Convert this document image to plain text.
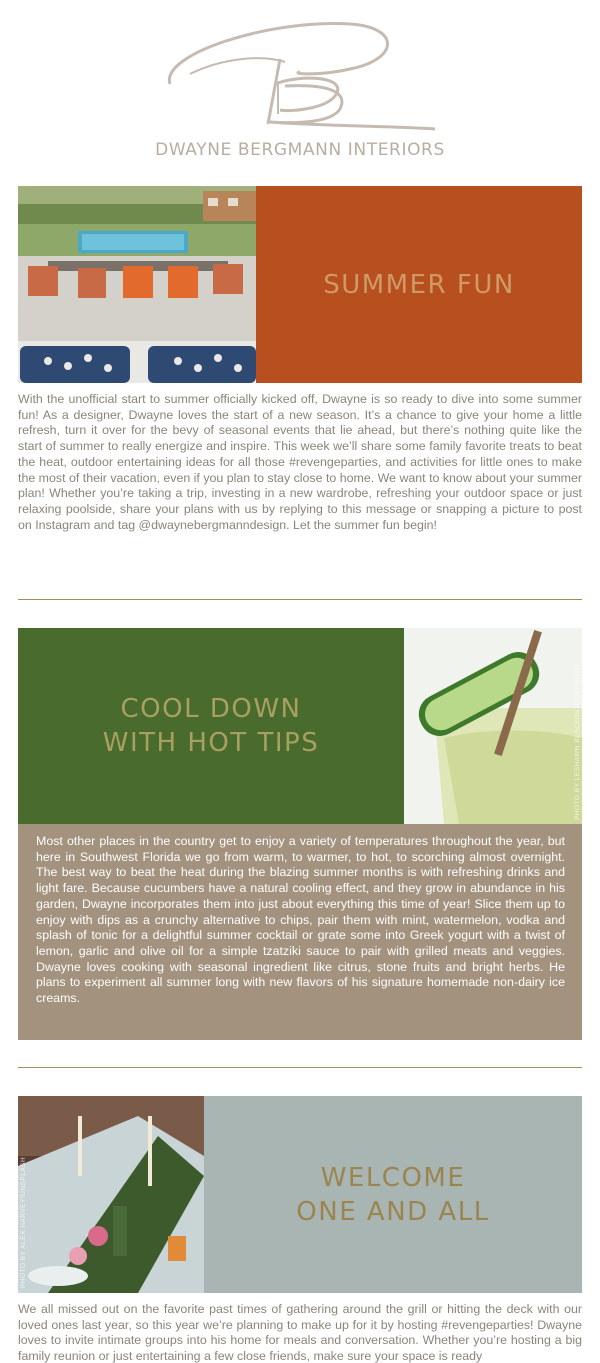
DWAYNE BERGMANN INTERIORS
SUMMER FUN
With the unofficial start to summer officially kicked off, Dwayne is so ready to dive into some summer fun! As a designer, Dwayne loves the start of a new season. It’s a chance to give your home a little refresh, turn it over for the bevy of seasonal events that lie ahead, but there’s nothing quite like the start of summer to really energize and inspire. This week we’ll share some family favorite treats to beat the heat, outdoor entertaining ideas for all those #revengeparties, and activities for little ones to make the most of their vacation, even if you plan to stay close to home. We want to know about your summer plan! Whether you’re taking a trip, investing in a new wardrobe, refreshing your outdoor space or just relaxing poolside, share your plans with us by replying to this message or snapping a picture to post on Instagram and tag @dwaynebergmanndesign. Let the summer fun begin!
COOL DOWN
WITH HOT TIPS	PHOTO BY LESHAWN BLACK/ISTOCKPHOTO
Most other places in the country get to enjoy a variety of temperatures throughout the year, but here in Southwest Florida we go from warm, to warmer, to hot, to scorching almost overnight. The best way to beat the heat during the blazing summer months is with refreshing drinks and light fare. Because cucumbers have a natural cooling effect, and they grow in abundance in his garden, Dwayne incorporates them into just about everything this time of year! Slice them up to enjoy with dips as a crunchy alternative to chips, pair them with mint, watermelon, vodka and splash of tonic for a delightful summer cocktail or grate some into Greek yogurt with a twist of lemon, garlic and olive oil for a simple tzatziki sauce to pair with grilled meats and veggies. Dwayne loves cooking with seasonal ingredient like citrus, stone fruits and bright herbs. He plans to experiment all summer long with new flavors of his signature homemade non-dairy ice creams.
PHOTO BY ALEX HARVEY/UNSPLASH	WELCOME
ONE AND ALL
We all missed out on the favorite past times of gathering around the grill or hitting the deck with our loved ones last year, so this year we’re planning to make up for it by hosting #revengeparties! Dwayne loves to invite intimate groups into his home for meals and conversation. Whether you’re hosting a big family reunion or just entertaining a few close friends, make sure your space is ready
